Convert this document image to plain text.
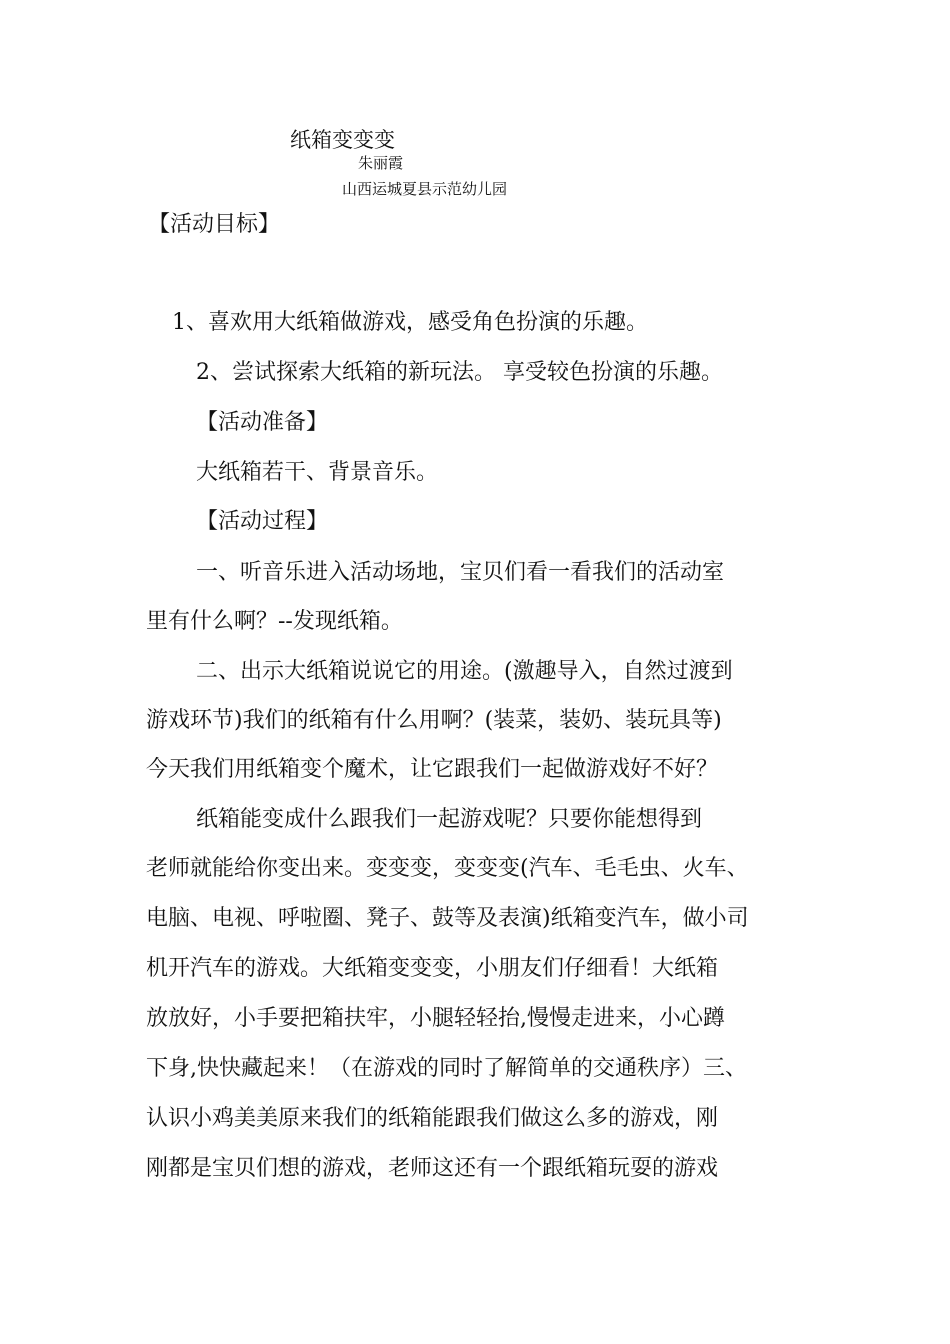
纸箱变变变
朱丽霞
山西运城夏县示范幼儿园
【活动目标】
1、喜欢用大纸箱做游戏，感受角色扮演的乐趣。
2、尝试探索大纸箱的新玩法。 享受较色扮演的乐趣。
【活动准备】
大纸箱若干、背景音乐。
【活动过程】
一、听音乐进入活动场地，宝贝们看一看我们的活动室
里有什么啊？--发现纸箱。
二、出示大纸箱说说它的用途。(激趣导入，自然过渡到
游戏环节)我们的纸箱有什么用啊？(装菜，装奶、装玩具等)
今天我们用纸箱变个魔术，让它跟我们一起做游戏好不好？
纸箱能变成什么跟我们一起游戏呢？只要你能想得到
老师就能给你变出来。变变变，变变变(汽车、毛毛虫、火车、
电脑、电视、呼啦圈、凳子、鼓等及表演)纸箱变汽车，做小司
机开汽车的游戏。大纸箱变变变，小朋友们仔细看！大纸箱
放放好，小手要把箱扶牢，小腿轻轻抬,慢慢走进来，小心蹲
下身,快快藏起来！（在游戏的同时了解简单的交通秩序）三、
认识小鸡美美原来我们的纸箱能跟我们做这么多的游戏，刚
刚都是宝贝们想的游戏，老师这还有一个跟纸箱玩耍的游戏
